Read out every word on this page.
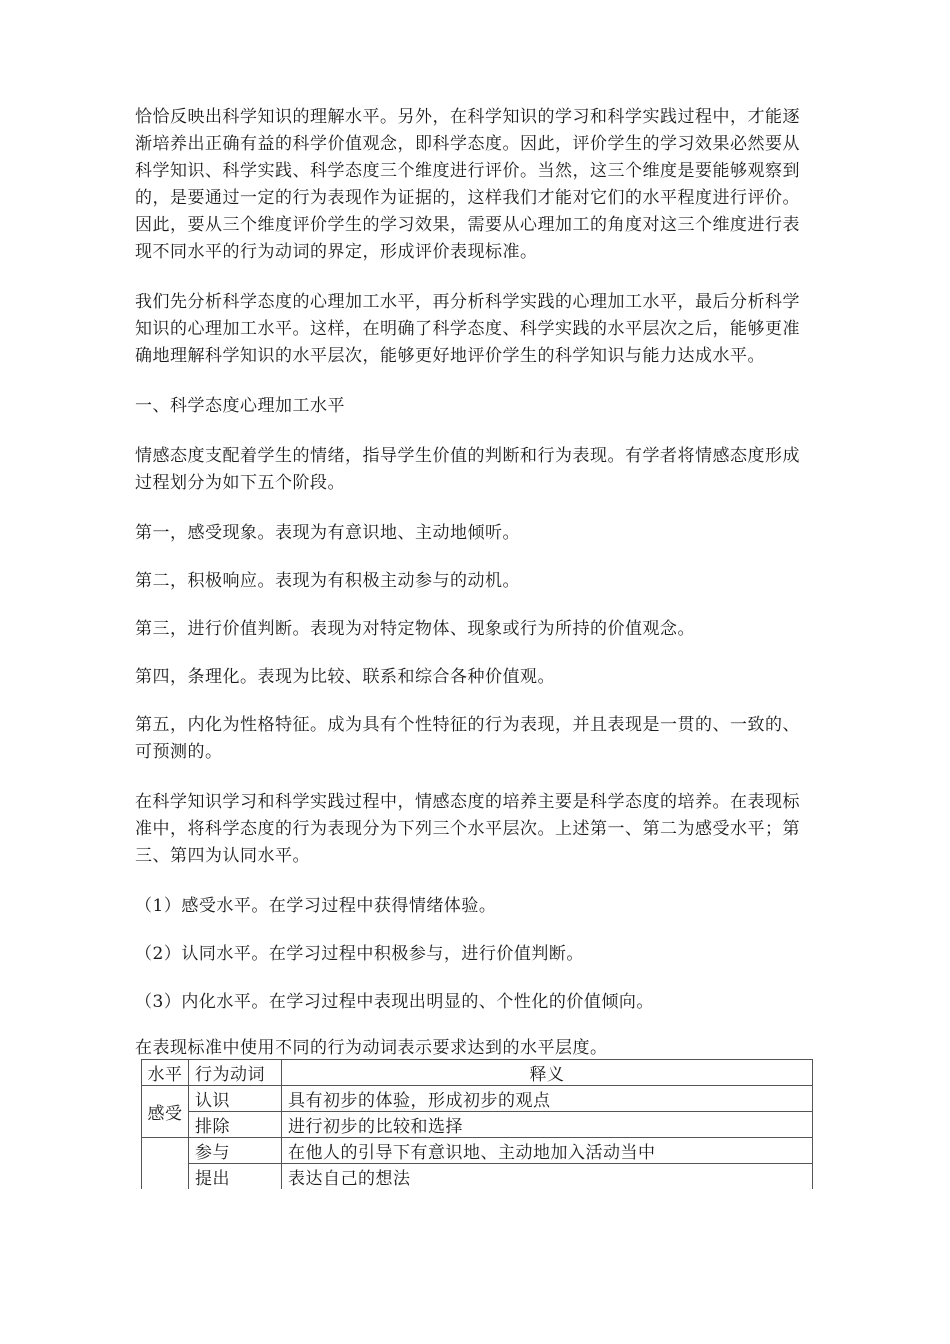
恰恰反映出科学知识的理解水平。另外，在科学知识的学习和科学实践过程中，才能逐渐培养出正确有益的科学价值观念，即科学态度。因此，评价学生的学习效果必然要从科学知识、科学实践、科学态度三个维度进行评价。当然，这三个维度是要能够观察到的，是要通过一定的行为表现作为证据的，这样我们才能对它们的水平程度进行评价。因此，要从三个维度评价学生的学习效果，需要从心理加工的角度对这三个维度进行表现不同水平的行为动词的界定，形成评价表现标准。

我们先分析科学态度的心理加工水平，再分析科学实践的心理加工水平，最后分析科学知识的心理加工水平。这样，在明确了科学态度、科学实践的水平层次之后，能够更准确地理解科学知识的水平层次，能够更好地评价学生的科学知识与能力达成水平。

一、科学态度心理加工水平

情感态度支配着学生的情绪，指导学生价值的判断和行为表现。有学者将情感态度形成过程划分为如下五个阶段。

第一，感受现象。表现为有意识地、主动地倾听。

第二，积极响应。表现为有积极主动参与的动机。

第三，进行价值判断。表现为对特定物体、现象或行为所持的价值观念。

第四，条理化。表现为比较、联系和综合各种价值观。

第五，内化为性格特征。成为具有个性特征的行为表现，并且表现是一贯的、一致的、可预测的。

在科学知识学习和科学实践过程中，情感态度的培养主要是科学态度的培养。在表现标准中，将科学态度的行为表现分为下列三个水平层次。上述第一、第二为感受水平；第三、第四为认同水平。

（1）感受水平。在学习过程中获得情绪体验。

（2）认同水平。在学习过程中积极参与，进行价值判断。

（3）内化水平。在学习过程中表现出明显的、个性化的价值倾向。

在表现标准中使用不同的行为动词表示要求达到的水平层度。

水平	行为动词	释义
感受	认识	具有初步的体验，形成初步的观点
	排除	进行初步的比较和选择
	参与	在他人的引导下有意识地、主动地加入活动当中
	提出	表达自己的想法
